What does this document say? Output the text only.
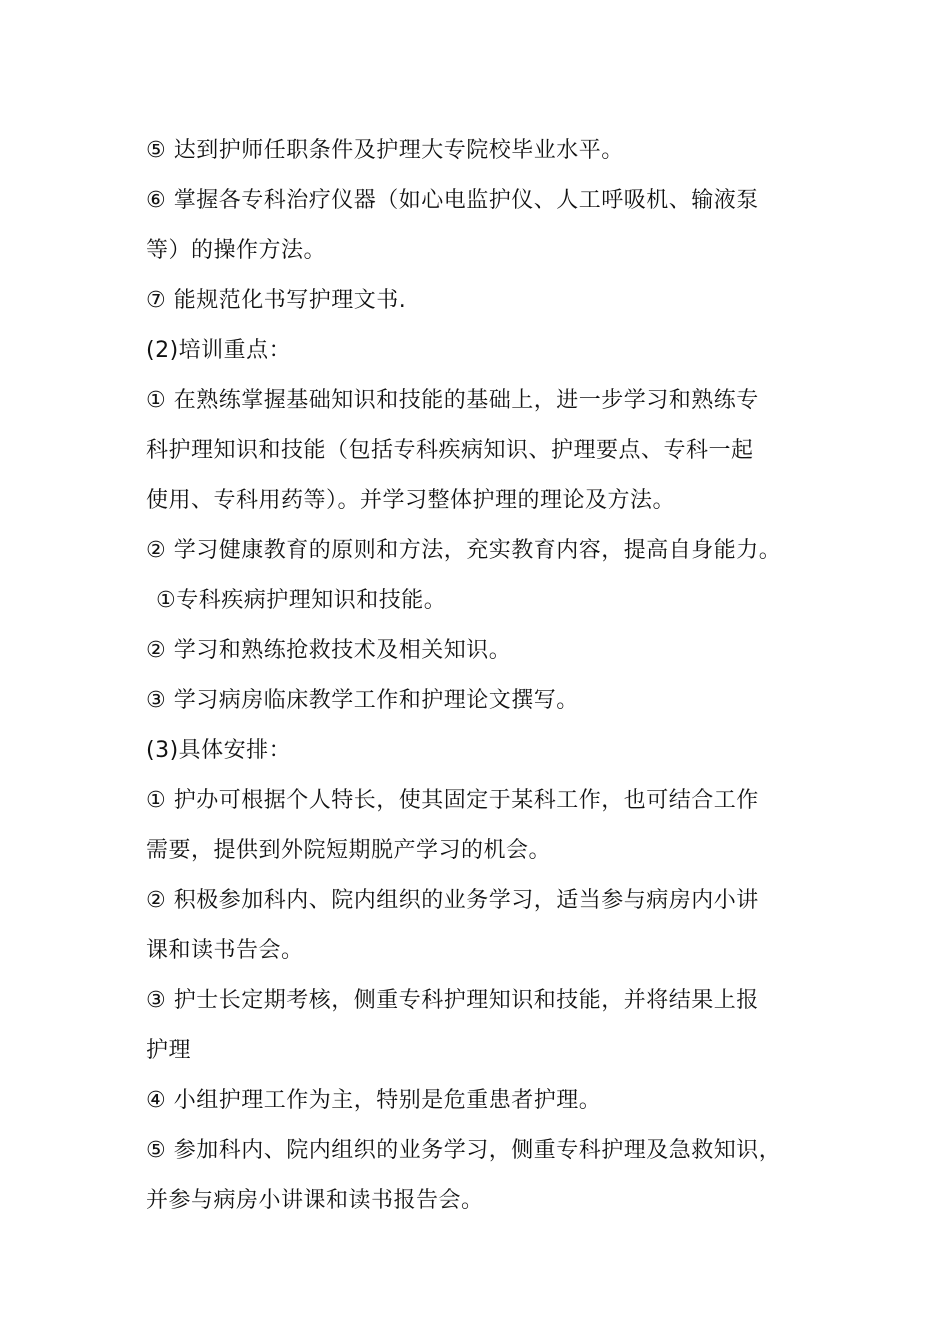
⑤ 达到护师任职条件及护理大专院校毕业水平。
⑥ 掌握各专科治疗仪器（如心电监护仪、人工呼吸机、输液泵
等）的操作方法。
⑦ 能规范化书写护理文书.
(2)培训重点：
① 在熟练掌握基础知识和技能的基础上，进一步学习和熟练专
科护理知识和技能（包括专科疾病知识、护理要点、专科一起
使用、专科用药等）。并学习整体护理的理论及方法。
② 学习健康教育的原则和方法，充实教育内容，提高自身能力。
①专科疾病护理知识和技能。
② 学习和熟练抢救技术及相关知识。
③ 学习病房临床教学工作和护理论文撰写。
(3)具体安排：
① 护办可根据个人特长，使其固定于某科工作，也可结合工作
需要，提供到外院短期脱产学习的机会。
② 积极参加科内、院内组织的业务学习，适当参与病房内小讲
课和读书告会。
③ 护士长定期考核，侧重专科护理知识和技能，并将结果上报
护理
④ 小组护理工作为主，特别是危重患者护理。
⑤ 参加科内、院内组织的业务学习，侧重专科护理及急救知识，
并参与病房小讲课和读书报告会。
